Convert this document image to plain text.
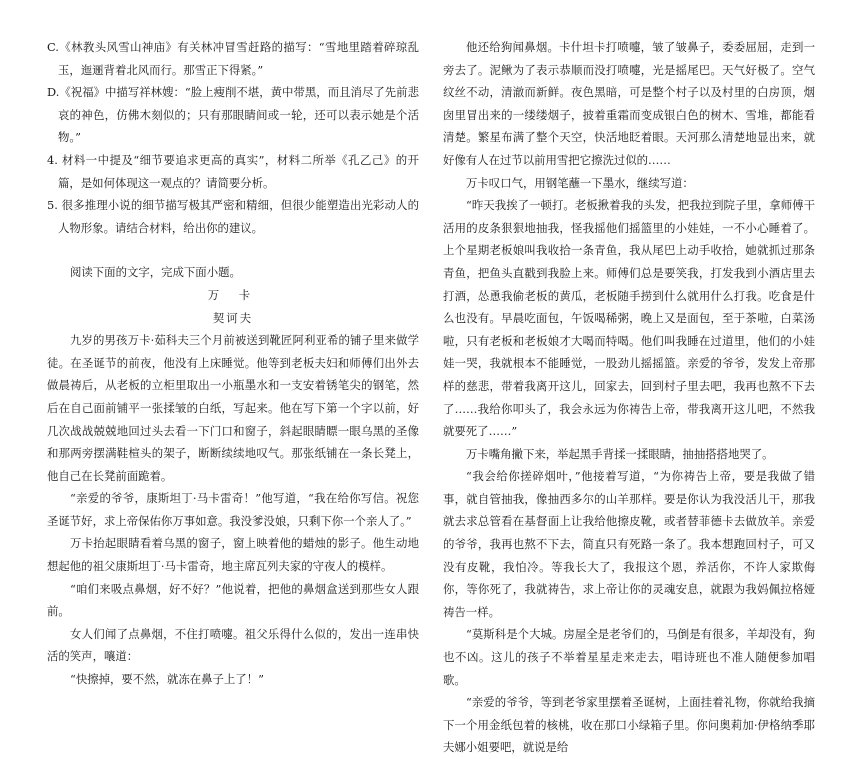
C.《林教头风雪山神庙》有关林冲冒雪赶路的描写：“雪地里踏着碎琼乱玉，迤逦背着北风而行。那雪正下得紧。”

D.《祝福》中描写祥林嫂：“脸上瘦削不堪，黄中带黑，而且消尽了先前悲哀的神色，仿佛木刻似的；只有那眼睛间或一轮，还可以表示她是个活物。”

4. 材料一中提及“细节要追求更高的真实”，材料二所举《孔乙己》的开篇，是如何体现这一观点的？请简要分析。

5. 很多推理小说的细节描写极其严密和精细，但很少能塑造出光彩动人的人物形象。请结合材料，给出你的建议。

阅读下面的文字，完成下面小题。

万 卡

契诃夫

九岁的男孩万卡·茹科夫三个月前被送到靴匠阿利亚希的铺子里来做学徒。在圣诞节的前夜，他没有上床睡觉。他等到老板夫妇和师傅们出外去做晨祷后，从老板的立柜里取出一小瓶墨水和一支安着锈笔尖的钢笔，然后在自己面前铺平一张揉皱的白纸，写起来。他在写下第一个字以前，好几次战战兢兢地回过头去看一下门口和窗子，斜起眼睛瞟一眼乌黑的圣像和那两旁摆满鞋楦头的架子，断断续续地叹气。那张纸铺在一条长凳上，他自己在长凳前面跪着。

“亲爱的爷爷，康斯坦丁·马卡雷奇！”他写道，“我在给你写信。祝您圣诞节好，求上帝保佑你万事如意。我没爹没娘，只剩下你一个亲人了。”

万卡抬起眼睛看着乌黑的窗子，窗上映着他的蜡烛的影子。他生动地想起他的祖父康斯坦丁·马卡雷奇，地主席瓦列夫家的守夜人的模样。

“咱们来吸点鼻烟，好不好？”他说着，把他的鼻烟盒送到那些女人跟前。

女人们闻了点鼻烟，不住打喷嚏。祖父乐得什么似的，发出一连串快活的笑声，嚷道：

“快擦掉，要不然，就冻在鼻子上了！”

他还给狗闻鼻烟。卡什坦卡打喷嚏，皱了皱鼻子，委委屈屈，走到一旁去了。泥鳅为了表示恭顺而没打喷嚏，光是摇尾巴。天气好极了。空气纹丝不动，清澈而新鲜。夜色黑暗，可是整个村子以及村里的白房顶，烟囱里冒出来的一缕缕烟子，披着重霜而变成银白色的树木、雪堆，都能看清楚。繁星布满了整个天空，快活地眨着眼。天河那么清楚地显出来，就好像有人在过节以前用雪把它擦洗过似的……

万卡叹口气，用钢笔蘸一下墨水，继续写道：

“昨天我挨了一顿打。老板揪着我的头发，把我拉到院子里，拿师傅干活用的皮条狠狠地抽我，怪我摇他们摇篮里的小娃娃，一不小心睡着了。上个星期老板娘叫我收拾一条青鱼，我从尾巴上动手收拾，她就抓过那条青鱼，把鱼头直戳到我脸上来。师傅们总是要笑我，打发我到小酒店里去打酒，怂恿我偷老板的黄瓜，老板随手捞到什么就用什么打我。吃食是什么也没有。早晨吃面包，午饭喝稀粥，晚上又是面包，至于茶啦，白菜汤啦，只有老板和老板娘才大喝而特喝。他们叫我睡在过道里，他们的小娃娃一哭，我就根本不能睡觉，一股劲儿摇摇篮。亲爱的爷爷，发发上帝那样的慈悲，带着我离开这儿，回家去，回到村子里去吧，我再也熬不下去了……我给你叩头了，我会永远为你祷告上帝，带我离开这儿吧，不然我就要死了……”

万卡嘴角撇下来，举起黑手背揉一揉眼睛，抽抽搭搭地哭了。

“我会给你搓碎烟叶，”他接着写道，“为你祷告上帝，要是我做了错事，就自管抽我，像抽西多尔的山羊那样。要是你认为我没活儿干，那我就去求总管看在基督面上让我给他擦皮靴，或者替菲德卡去做放羊。亲爱的爷爷，我再也熬不下去，简直只有死路一条了。我本想跑回村子，可又没有皮靴，我怕冷。等我长大了，我报这个恩，养活你，不许人家欺侮你，等你死了，我就祷告，求上帝让你的灵魂安息，就跟为我妈佩拉格娅祷告一样。

“莫斯科是个大城。房屋全是老爷们的，马倒是有很多，羊却没有，狗也不凶。这儿的孩子不举着星星走来走去，唱诗班也不准人随便参加唱歌。

“亲爱的爷爷，等到老爷家里摆着圣诞树，上面挂着礼物，你就给我摘下一个用金纸包着的核桃，收在那口小绿箱子里。你问奥莉加·伊格纳季耶夫娜小姐要吧，就说是给
